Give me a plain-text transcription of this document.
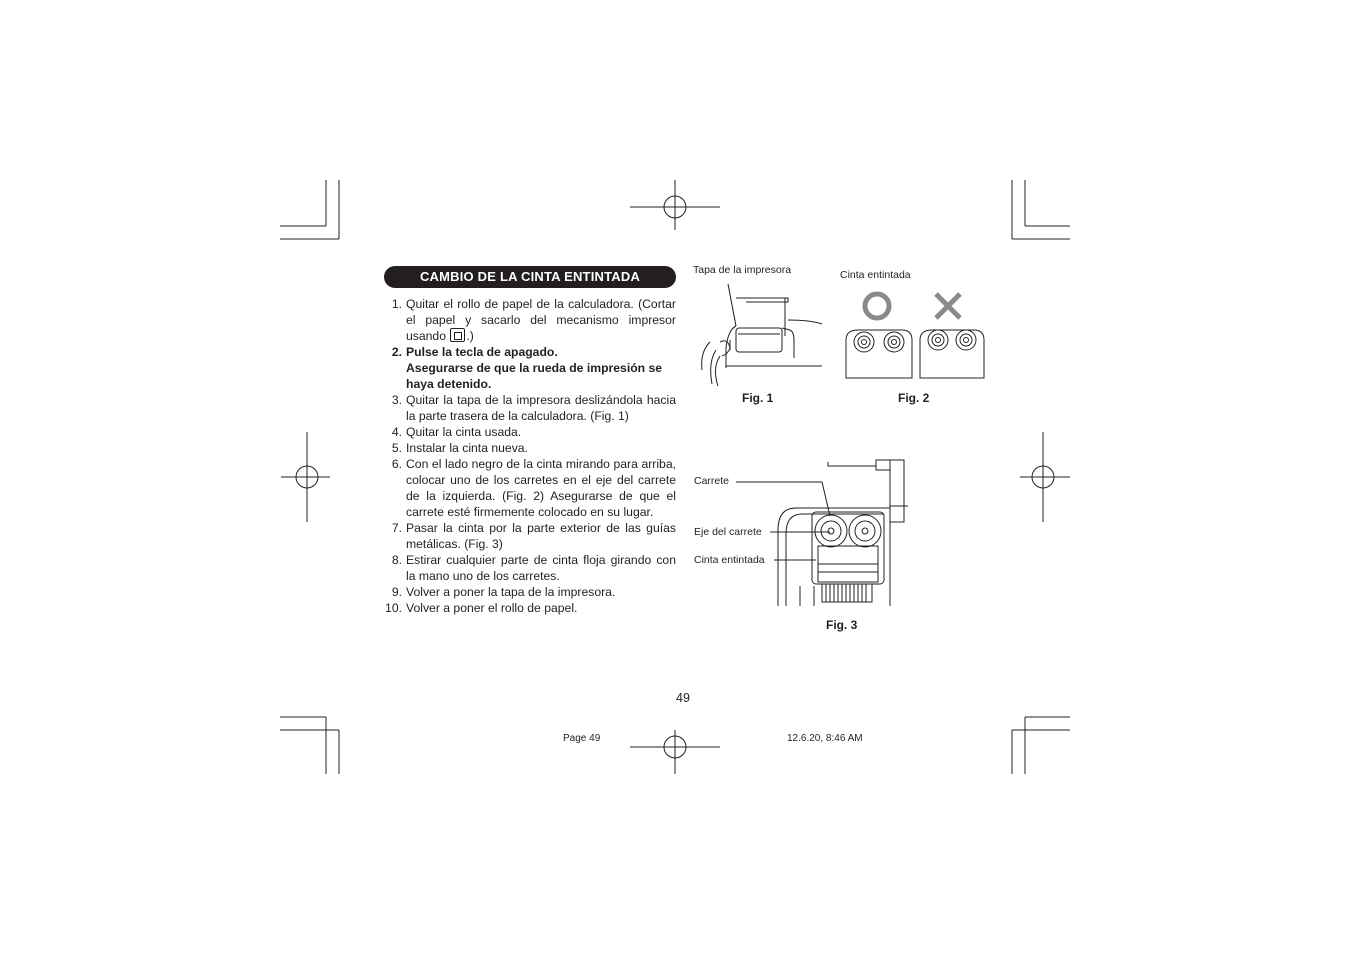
CAMBIO DE LA CINTA ENTINTADA
1. Quitar el rollo de papel de la calculadora. (Cortar el papel y sacarlo del mecanismo impresor usando .)
2. Pulse la tecla de apagado.
Asegurarse de que la rueda de impresión se haya detenido.
3. Quitar la tapa de la impresora deslizándola hacia la parte trasera de la calculadora. (Fig. 1)
4. Quitar la cinta usada.
5. Instalar la cinta nueva.
6. Con el lado negro de la cinta mirando para arriba, colocar uno de los carretes en el eje del carrete de la izquierda. (Fig. 2) Asegurarse de que el carrete esté firmemente colocado en su lugar.
7. Pasar la cinta por la parte exterior de las guías metálicas. (Fig. 3)
8. Estirar cualquier parte de cinta floja girando con la mano uno de los carretes.
9. Volver a poner la tapa de la impresora.
10. Volver a poner el rollo de papel.
Tapa de la impresora
Fig. 1
Cinta entintada
Fig. 2
Carrete
Eje del carrete
Cinta entintada
Fig. 3
49
Page 49	12.6.20, 8:46 AM
